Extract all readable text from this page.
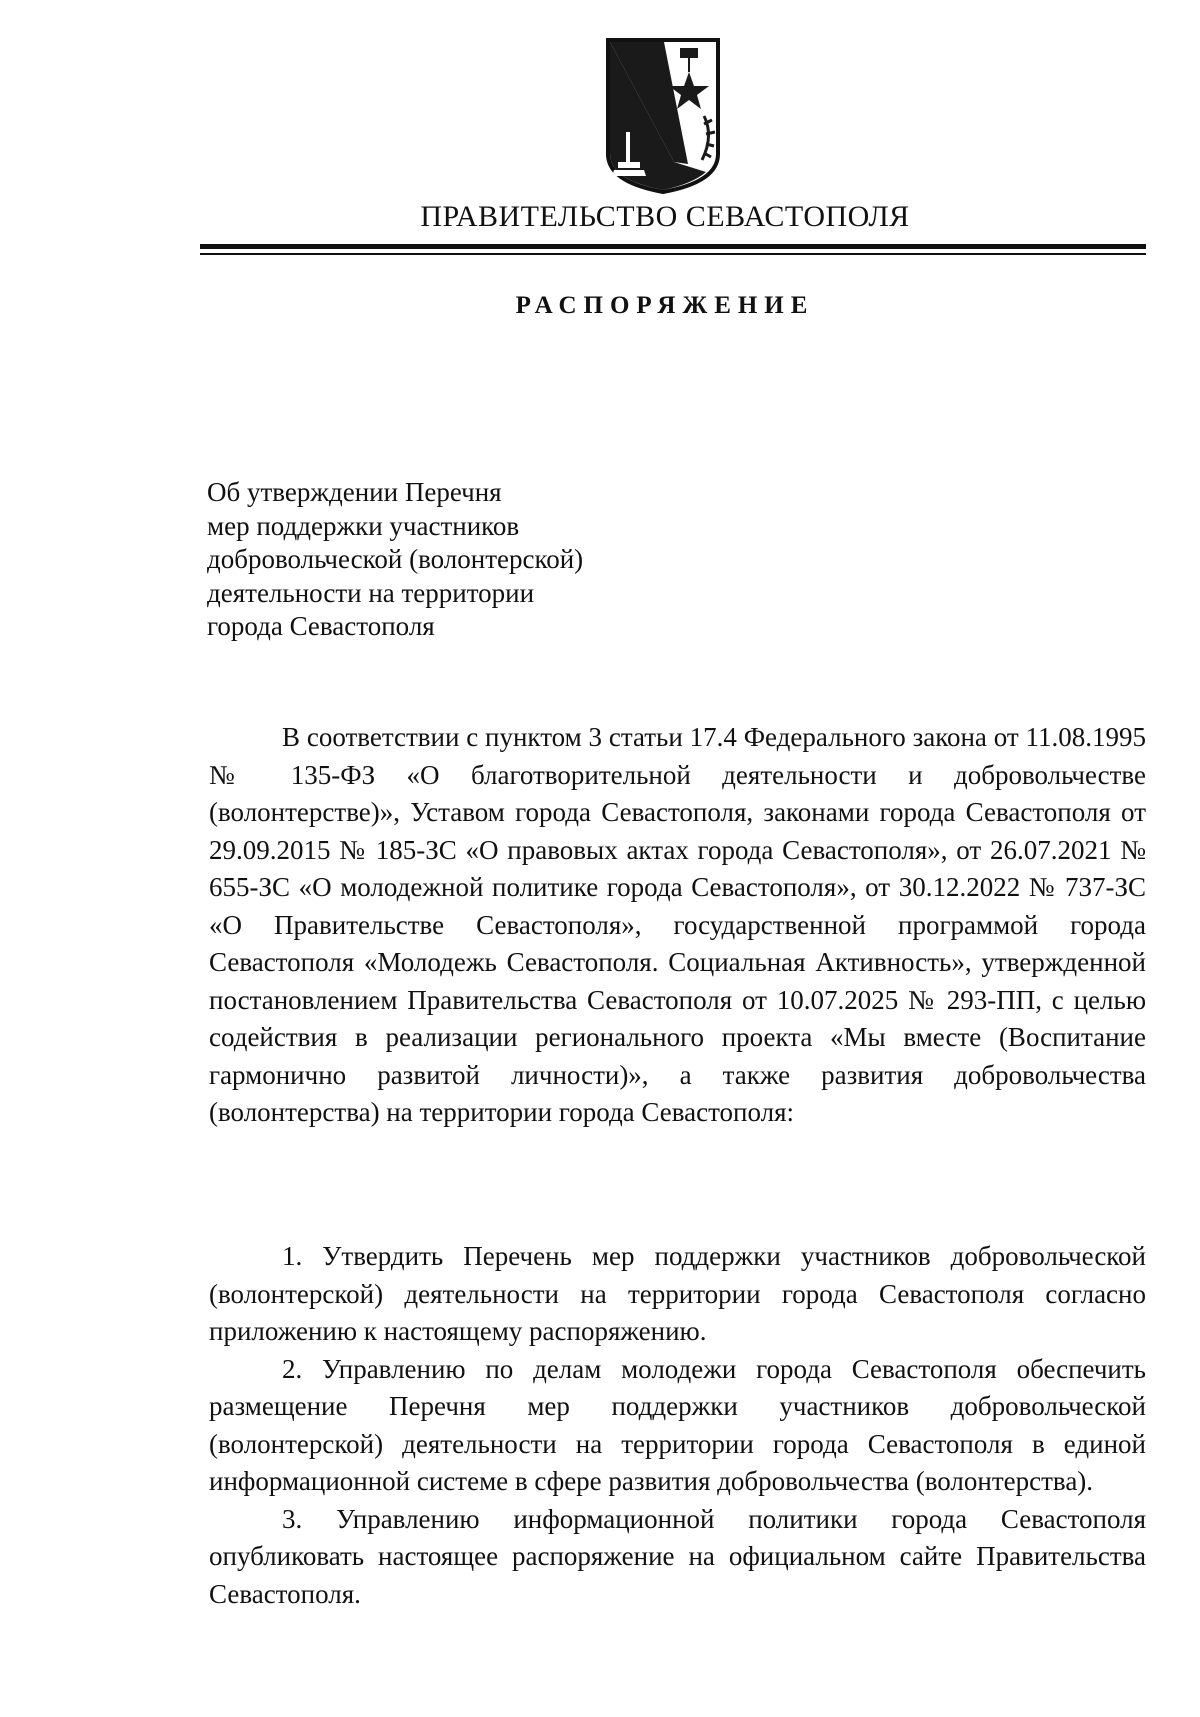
ПРАВИТЕЛЬСТВО СЕВАСТОПОЛЯ
РАСПОРЯЖЕНИЕ
Об утверждении Перечня
мер поддержки участников
добровольческой (волонтерской)
деятельности на территории
города Севастополя
В соответствии с пунктом 3 статьи 17.4 Федерального закона от 11.08.1995 № 135-ФЗ «О благотворительной деятельности и добровольчестве (волонтерстве)», Уставом города Севастополя, законами города Севастополя от 29.09.2015 № 185-ЗС «О правовых актах города Севастополя», от 26.07.2021 № 655-ЗС «О молодежной политике города Севастополя», от 30.12.2022 № 737-ЗС «О Правительстве Севастополя», государственной программой города Севастополя «Молодежь Севастополя. Социальная Активность», утвержденной постановлением Правительства Севастополя от 10.07.2025 № 293-ПП, с целью содействия в реализации регионального проекта «Мы вместе (Воспитание гармонично развитой личности)», а также развития добровольчества (волонтерства) на территории города Севастополя:

1. Утвердить Перечень мер поддержки участников добровольческой (волонтерской) деятельности на территории города Севастополя согласно приложению к настоящему распоряжению.

2. Управлению по делам молодежи города Севастополя обеспечить размещение Перечня мер поддержки участников добровольческой (волонтерской) деятельности на территории города Севастополя в единой информационной системе в сфере развития добровольчества (волонтерства).

3. Управлению информационной политики города Севастополя опубликовать настоящее распоряжение на официальном сайте Правительства Севастополя.
